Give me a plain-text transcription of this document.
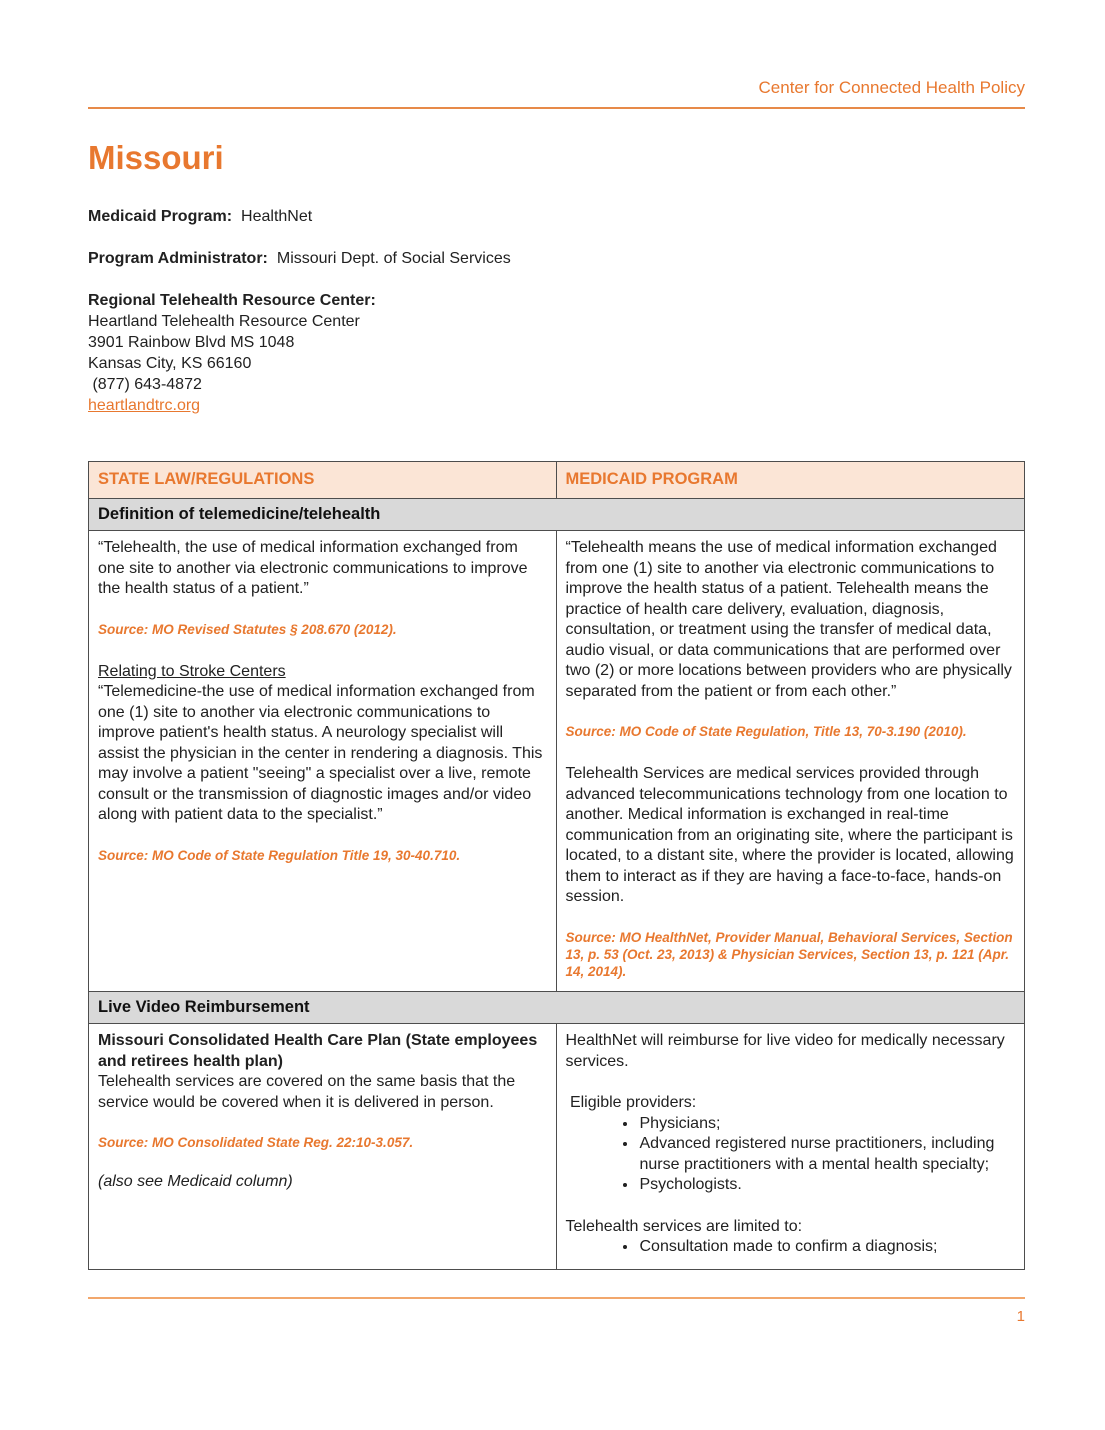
Center for Connected Health Policy
Missouri

Medicaid Program: HealthNet

Program Administrator: Missouri Dept. of Social Services

Regional Telehealth Resource Center:

Heartland Telehealth Resource Center

3901 Rainbow Blvd MS 1048

Kansas City, KS 66160

(877) 643-4872

heartlandtrc.org

STATE LAW/REGULATIONS	MEDICAID PROGRAM
Definition of telemedicine/telehealth

“Telehealth, the use of medical information exchanged from one site to another via electronic communications to improve the health status of a patient.”

Source: MO Revised Statutes § 208.670 (2012).

Relating to Stroke Centers

“Telemedicine-the use of medical information exchanged from one (1) site to another via electronic communications to improve patient's health status. A neurology specialist will assist the physician in the center in rendering a diagnosis. This may involve a patient "seeing" a specialist over a live, remote consult or the transmission of diagnostic images and/or video along with patient data to the specialist.”

Source: MO Code of State Regulation Title 19, 30-40.710.

“Telehealth means the use of medical information exchanged from one (1) site to another via electronic communications to improve the health status of a patient. Telehealth means the practice of health care delivery, evaluation, diagnosis, consultation, or treatment using the transfer of medical data, audio visual, or data communications that are performed over two (2) or more locations between providers who are physically separated from the patient or from each other.”

Source: MO Code of State Regulation, Title 13, 70-3.190 (2010).

Telehealth Services are medical services provided through advanced telecommunications technology from one location to another. Medical information is exchanged in real-time communication from an originating site, where the participant is located, to a distant site, where the provider is located, allowing them to interact as if they are having a face-to-face, hands-on session.

Source: MO HealthNet, Provider Manual, Behavioral Services, Section 13, p. 53 (Oct. 23, 2013) & Physician Services, Section 13, p. 121 (Apr. 14, 2014).

Live Video Reimbursement

Missouri Consolidated Health Care Plan (State employees and retirees health plan)

Telehealth services are covered on the same basis that the service would be covered when it is delivered in person.

Source: MO Consolidated State Reg. 22:10-3.057.

(also see Medicaid column)

HealthNet will reimburse for live video for medically necessary services.

Eligible providers:

• Physicians;
• Advanced registered nurse practitioners, including nurse practitioners with a mental health specialty;
• Psychologists.

Telehealth services are limited to:

• Consultation made to confirm a diagnosis;
1
